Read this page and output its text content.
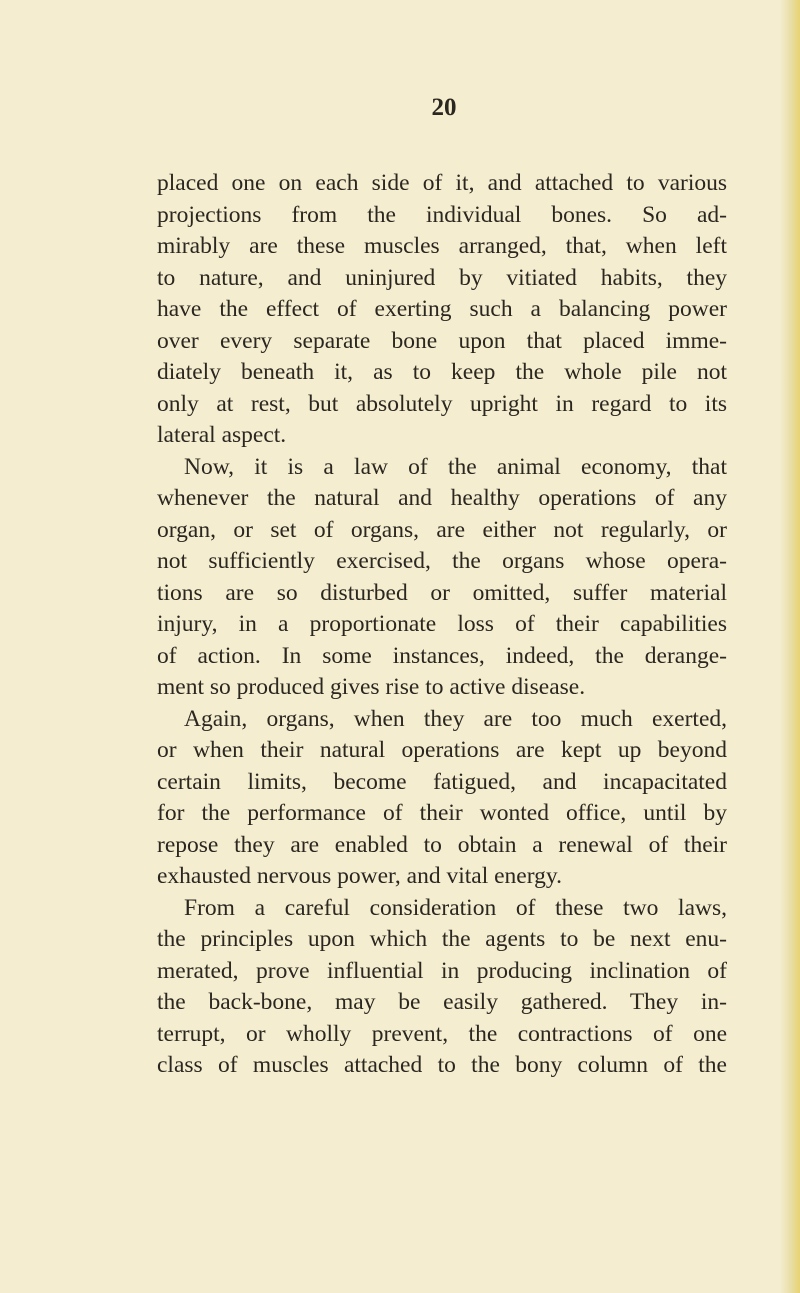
20
placed one on each side of it, and attached to various
projections from the individual bones. So ad-
mirably are these muscles arranged, that, when left
to nature, and uninjured by vitiated habits, they
have the effect of exerting such a balancing power
over every separate bone upon that placed imme-
diately beneath it, as to keep the whole pile not
only at rest, but absolutely upright in regard to its
lateral aspect.
Now, it is a law of the animal economy, that
whenever the natural and healthy operations of any
organ, or set of organs, are either not regularly, or
not sufficiently exercised, the organs whose opera-
tions are so disturbed or omitted, suffer material
injury, in a proportionate loss of their capabilities
of action. In some instances, indeed, the derange-
ment so produced gives rise to active disease.
Again, organs, when they are too much exerted,
or when their natural operations are kept up beyond
certain limits, become fatigued, and incapacitated
for the performance of their wonted office, until by
repose they are enabled to obtain a renewal of their
exhausted nervous power, and vital energy.
From a careful consideration of these two laws,
the principles upon which the agents to be next enu-
merated, prove influential in producing inclination of
the back-bone, may be easily gathered. They in-
terrupt, or wholly prevent, the contractions of one
class of muscles attached to the bony column of the
